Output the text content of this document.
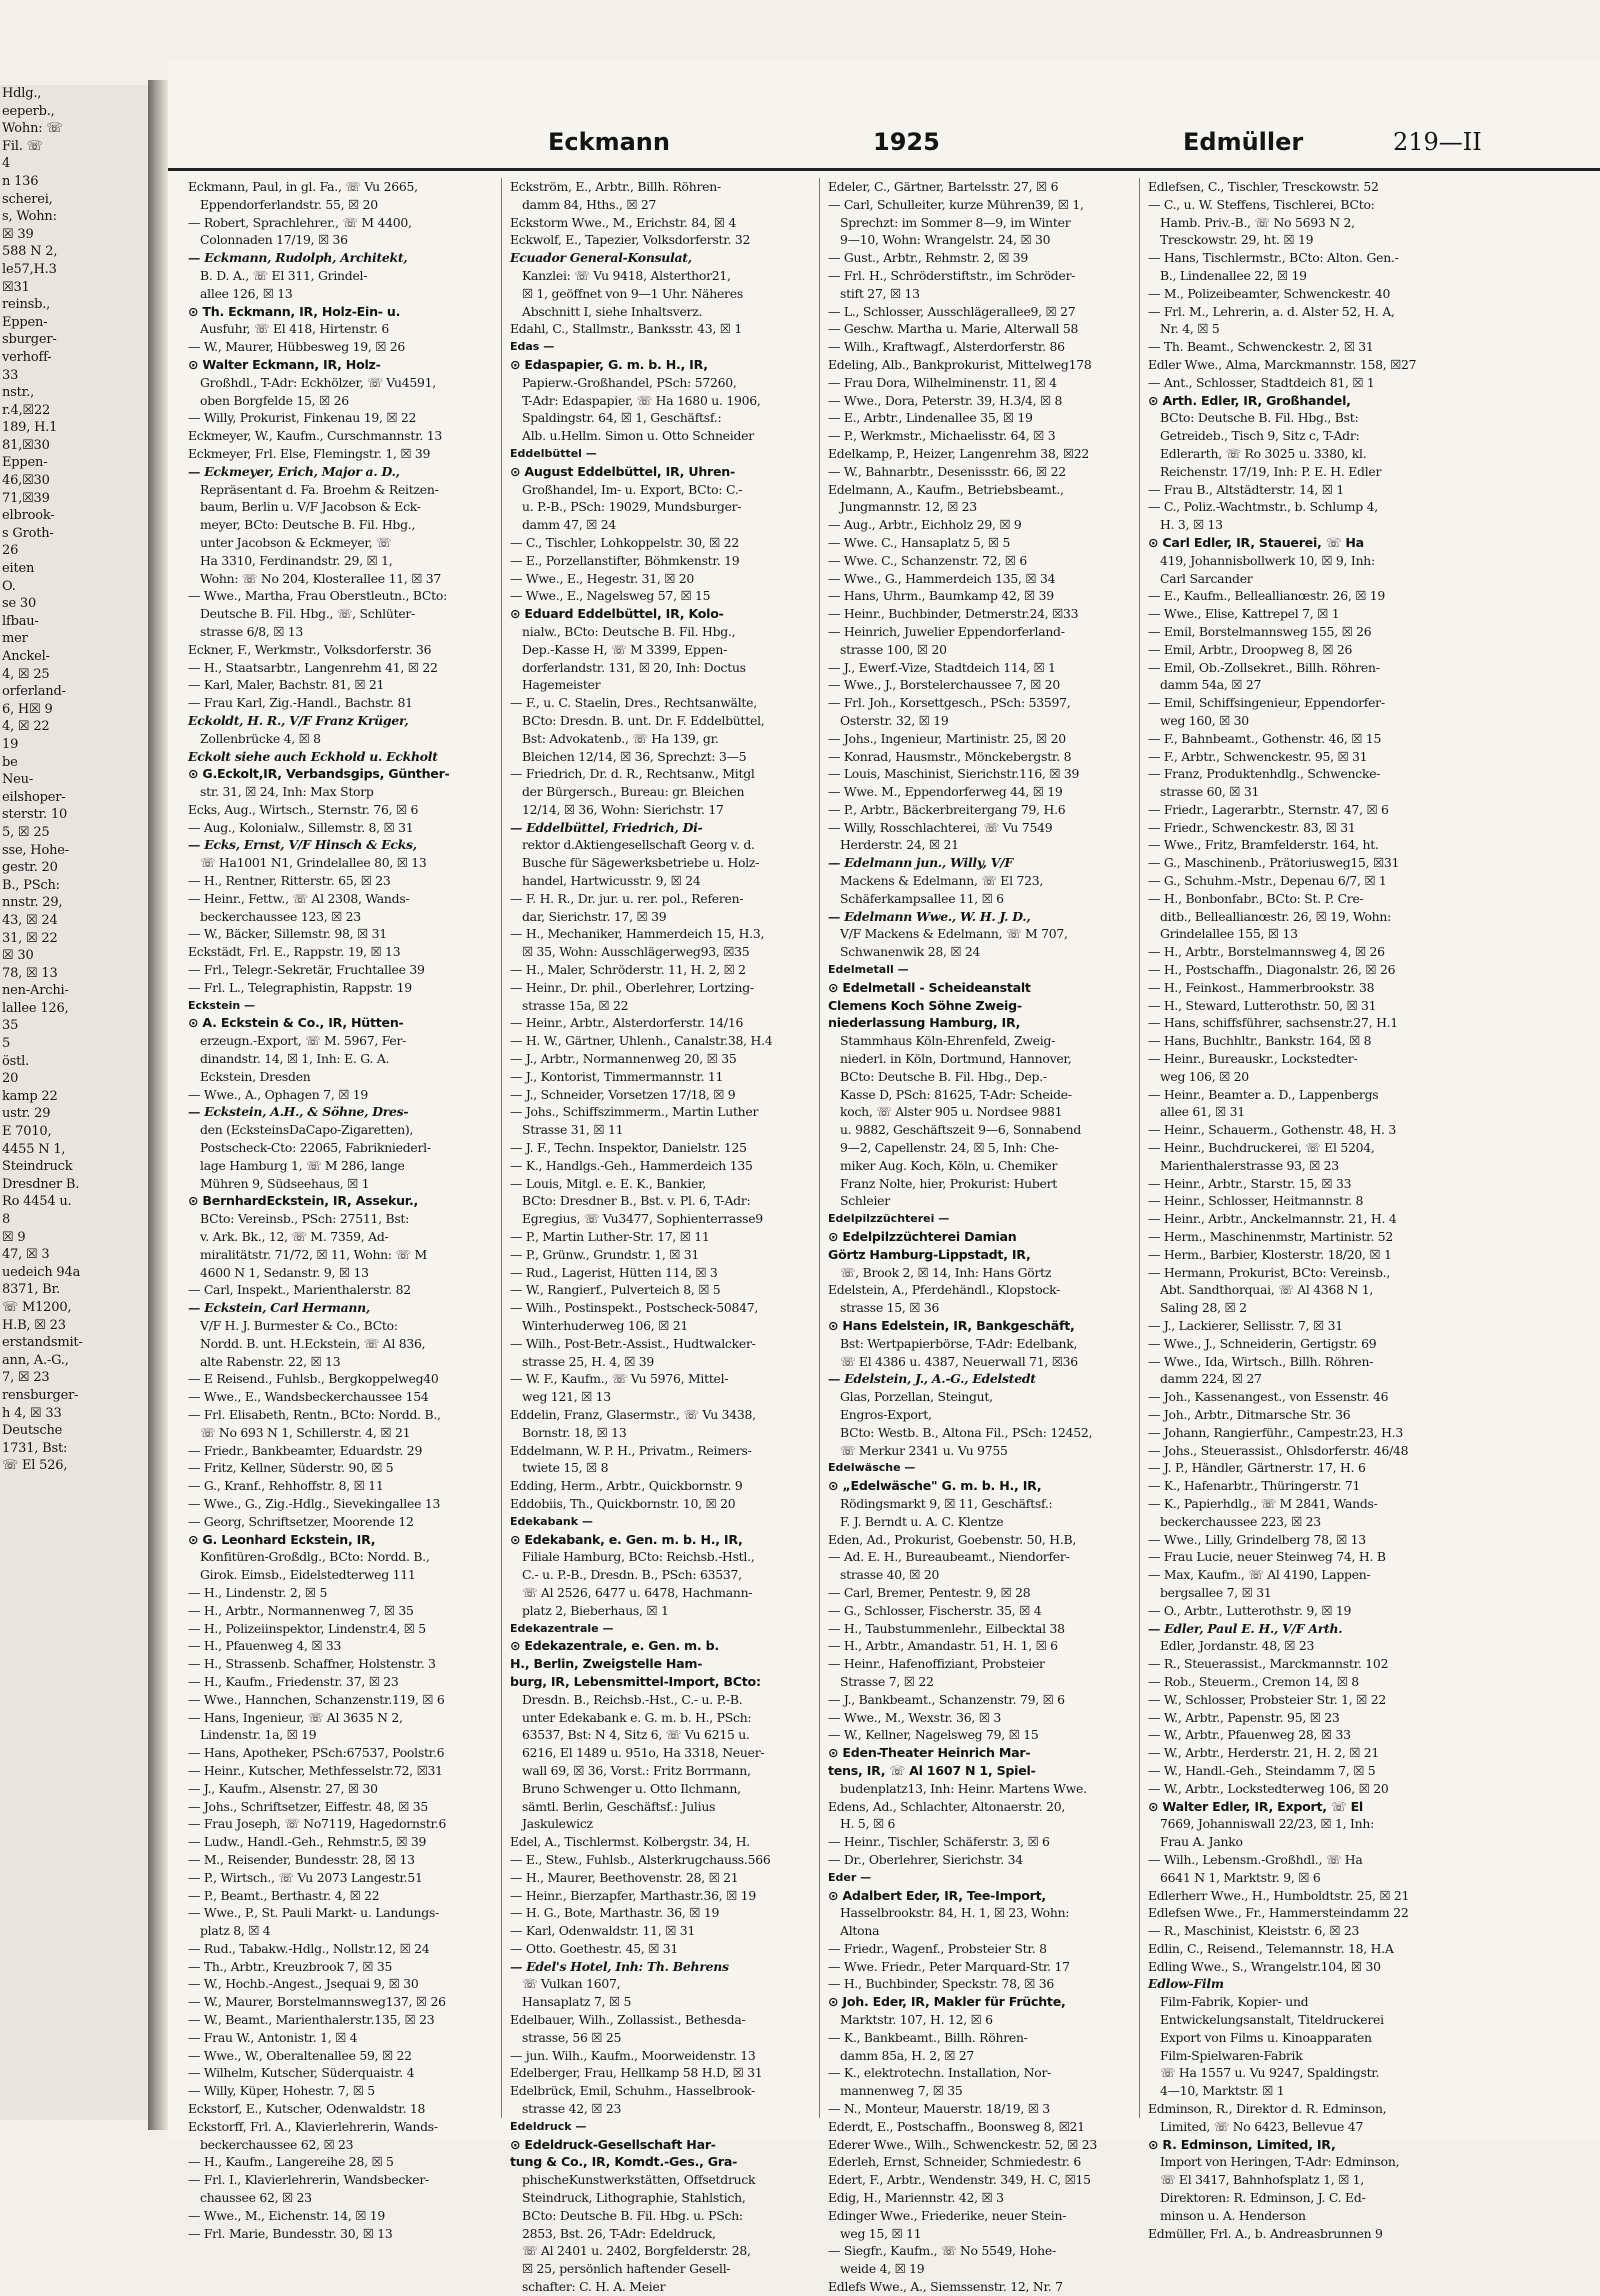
Hdlg.,
eeperb.,
Wohn: ☏
Fil. ☏
4
n 136
scherei,
s, Wohn:
☒ 39
588 N 2,
le57,H.3
☒31
reinsb.,
Eppen-
sburger-
verhoff-
33
nstr.,
r.4,☒22
189, H.1
81,☒30
Eppen-
46,☒30
71,☒39
elbrook-
s Groth-
26
eiten
O.
se 30
lfbau-
mer
Anckel-
4, ☒ 25
orferland-
6, H☒ 9
4, ☒ 22
19
be
Neu-
eilshoper-
sterstr. 10
5, ☒ 25
sse, Hohe-
gestr. 20
B., PSch:
nnstr. 29,
43, ☒ 24
31, ☒ 22
☒ 30
78, ☒ 13
nen-Archi-
lallee 126,
35
5
östl.
20
kamp 22
ustr. 29
E 7010,
4455 N 1,
Steindruck
Dresdner B.
Ro 4454 u.
8
☒ 9
47, ☒ 3
uedeich 94a
8371, Br.
☏ M1200,
H.B, ☒ 23
erstandsmit-
ann, A.-G.,
7, ☒ 23
rensburger-
h 4, ☒ 33
Deutsche
1731, Bst:
☏ El 526,
Eckmann	1925	Edmüller	219—II
Eckmann, Paul, in gl. Fa., ☏ Vu 2665,
Eppendorferlandstr. 55, ☒ 20
— Robert, Sprachlehrer., ☏ M 4400,
Colonnaden 17/19, ☒ 36
— Eckmann, Rudolph, Architekt,
B. D. A., ☏ El 311, Grindel-
allee 126, ☒ 13
⊙ Th. Eckmann, IR, Holz-Ein- u.
Ausfuhr, ☏ El 418, Hirtenstr. 6
— W., Maurer, Hübbesweg 19, ☒ 26
⊙ Walter Eckmann, IR, Holz-
Großhdl., T-Adr: Eckhölzer, ☏ Vu4591,
oben Borgfelde 15, ☒ 26
— Willy, Prokurist, Finkenau 19, ☒ 22
Eckmeyer, W., Kaufm., Curschmannstr. 13
Eckmeyer, Frl. Else, Flemingstr. 1, ☒ 39
— Eckmeyer, Erich, Major a. D.,
Repräsentant d. Fa. Broehm & Reitzen-
baum, Berlin u. V/F Jacobson & Eck-
meyer, BCto: Deutsche B. Fil. Hbg.,
unter Jacobson & Eckmeyer, ☏
Ha 3310, Ferdinandstr. 29, ☒ 1,
Wohn: ☏ No 204, Klosterallee 11, ☒ 37
— Wwe., Martha, Frau Oberstleutn., BCto:
Deutsche B. Fil. Hbg., ☏, Schlüter-
strasse 6/8, ☒ 13
Eckner, F., Werkmstr., Volksdorferstr. 36
— H., Staatsarbtr., Langenrehm 41, ☒ 22
— Karl, Maler, Bachstr. 81, ☒ 21
— Frau Karl, Zig.-Handl., Bachstr. 81
Eckoldt, H. R., V/F Franz Krüger,
Zollenbrücke 4, ☒ 8
Eckolt siehe auch Eckhold u. Eckholt
⊙ G.Eckolt,IR, Verbandsgips, Günther-
str. 31, ☒ 24, Inh: Max Storp
Ecks, Aug., Wirtsch., Sternstr. 76, ☒ 6
— Aug., Kolonialw., Sillemstr. 8, ☒ 31
— Ecks, Ernst, V/F Hinsch & Ecks,
☏ Ha1001 N1, Grindelallee 80, ☒ 13
— H., Rentner, Ritterstr. 65, ☒ 23
— Heinr., Fettw., ☏ Al 2308, Wands-
beckerchaussee 123, ☒ 23
— W., Bäcker, Sillemstr. 98, ☒ 31
Eckstädt, Frl. E., Rappstr. 19, ☒ 13
— Frl., Telegr.-Sekretär, Fruchtallee 39
— Frl. L., Telegraphistin, Rappstr. 19
Eckstein —
⊙ A. Eckstein & Co., IR, Hütten-
erzeugn.-Export, ☏ M. 5967, Fer-
dinandstr. 14, ☒ 1, Inh: E. G. A.
Eckstein, Dresden
— Wwe., A., Ophagen 7, ☒ 19
— Eckstein, A.H., & Söhne, Dres-
den (EcksteinsDaCapo-Zigaretten),
Postscheck-Cto: 22065, Fabrikniederl-
lage Hamburg 1, ☏ M 286, lange
Mühren 9, Südseehaus, ☒ 1
⊙ BernhardEckstein, IR, Assekur.,
BCto: Vereinsb., PSch: 27511, Bst:
v. Ark. Bk., 12, ☏ M. 7359, Ad-
miralitätstr. 71/72, ☒ 11, Wohn: ☏ M
4600 N 1, Sedanstr. 9, ☒ 13
— Carl, Inspekt., Marienthalerstr. 82
— Eckstein, Carl Hermann,
V/F H. J. Burmester & Co., BCto:
Nordd. B. unt. H.Eckstein, ☏ Al 836,
alte Rabenstr. 22, ☒ 13
— E Reisend., Fuhlsb., Bergkoppelweg40
— Wwe., E., Wandsbeckerchaussee 154
— Frl. Elisabeth, Rentn., BCto: Nordd. B.,
☏ No 693 N 1, Schillerstr. 4, ☒ 21
— Friedr., Bankbeamter, Eduardstr. 29
— Fritz, Kellner, Süderstr. 90, ☒ 5
— G., Kranf., Rehhoffstr. 8, ☒ 11
— Wwe., G., Zig.-Hdlg., Sievekingallee 13
— Georg, Schriftsetzer, Moorende 12
⊙ G. Leonhard Eckstein, IR,
Konfitüren-Großdlg., BCto: Nordd. B.,
Girok. Eimsb., Eidelstedterweg 111
— H., Lindenstr. 2, ☒ 5
— H., Arbtr., Normannenweg 7, ☒ 35
— H., Polizeiinspektor, Lindenstr.4, ☒ 5
— H., Pfauenweg 4, ☒ 33
— H., Strassenb. Schaffner, Holstenstr. 3
— H., Kaufm., Friedenstr. 37, ☒ 23
— Wwe., Hannchen, Schanzenstr.119, ☒ 6
— Hans, Ingenieur, ☏ Al 3635 N 2,
Lindenstr. 1a, ☒ 19
— Hans, Apotheker, PSch:67537, Poolstr.6
— Heinr., Kutscher, Methfesselstr.72, ☒31
— J., Kaufm., Alsenstr. 27, ☒ 30
— Johs., Schriftsetzer, Eiffestr. 48, ☒ 35
— Frau Joseph, ☏ No7119, Hagedornstr.6
— Ludw., Handl.-Geh., Rehmstr.5, ☒ 39
— M., Reisender, Bundesstr. 28, ☒ 13
— P., Wirtsch., ☏ Vu 2073 Langestr.51
— P., Beamt., Berthastr. 4, ☒ 22
— Wwe., P., St. Pauli Markt- u. Landungs-
platz 8, ☒ 4
— Rud., Tabakw.-Hdlg., Nollstr.12, ☒ 24
— Th., Arbtr., Kreuzbrook 7, ☒ 35
— W., Hochb.-Angest., Jsequai 9, ☒ 30
— W., Maurer, Borstelmannsweg137, ☒ 26
— W., Beamt., Marienthalerstr.135, ☒ 23
— Frau W., Antonistr. 1, ☒ 4
— Wwe., W., Oberaltenallee 59, ☒ 22
— Wilhelm, Kutscher, Süderquaistr. 4
— Willy, Küper, Hohestr. 7, ☒ 5
Eckstorf, E., Kutscher, Odenwaldstr. 18
Eckstorff, Frl. A., Klavierlehrerin, Wands-
beckerchaussee 62, ☒ 23
— H., Kaufm., Langereihe 28, ☒ 5
— Frl. I., Klavierlehrerin, Wandsbecker-
chaussee 62, ☒ 23
— Wwe., M., Eichenstr. 14, ☒ 19
— Frl. Marie, Bundesstr. 30, ☒ 13
Eckström, E., Arbtr., Billh. Röhren-
damm 84, Hths., ☒ 27
Eckstorm Wwe., M., Erichstr. 84, ☒ 4
Eckwolf, E., Tapezier, Volksdorferstr. 32
Ecuador General-Konsulat,
Kanzlei: ☏ Vu 9418, Alsterthor21,
☒ 1, geöffnet von 9—1 Uhr. Näheres
Abschnitt I, siehe Inhaltsverz.
Edahl, C., Stallmstr., Banksstr. 43, ☒ 1
Edas —
⊙ Edaspapier, G. m. b. H., IR,
Papierw.-Großhandel, PSch: 57260,
T-Adr: Edaspapier, ☏ Ha 1680 u. 1906,
Spaldingstr. 64, ☒ 1, Geschäftsf.:
Alb. u.Hellm. Simon u. Otto Schneider
Eddelbüttel —
⊙ August Eddelbüttel, IR, Uhren-
Großhandel, Im- u. Export, BCto: C.-
u. P.-B., PSch: 19029, Mundsburger-
damm 47, ☒ 24
— C., Tischler, Lohkoppelstr. 30, ☒ 22
— E., Porzellanstifter, Böhmkenstr. 19
— Wwe., E., Hegestr. 31, ☒ 20
— Wwe., E., Nagelsweg 57, ☒ 15
⊙ Eduard Eddelbüttel, IR, Kolo-
nialw., BCto: Deutsche B. Fil. Hbg.,
Dep.-Kasse H, ☏ M 3399, Eppen-
dorferlandstr. 131, ☒ 20, Inh: Doctus
Hagemeister
— F., u. C. Staelin, Dres., Rechtsanwälte,
BCto: Dresdn. B. unt. Dr. F. Eddelbüttel,
Bst: Advokatenb., ☏ Ha 139, gr.
Bleichen 12/14, ☒ 36, Sprechzt: 3—5
— Friedrich, Dr. d. R., Rechtsanw., Mitgl
der Bürgersch., Bureau: gr. Bleichen
12/14, ☒ 36, Wohn: Sierichstr. 17
— Eddelbüttel, Friedrich, Di-
rektor d.Aktiengesellschaft Georg v. d.
Busche für Sägewerksbetriebe u. Holz-
handel, Hartwicusstr. 9, ☒ 24
— F. H. R., Dr. jur. u. rer. pol., Referen-
dar, Sierichstr. 17, ☒ 39
— H., Mechaniker, Hammerdeich 15, H.3,
☒ 35, Wohn: Ausschlägerweg93, ☒35
— H., Maler, Schröderstr. 11, H. 2, ☒ 2
— Heinr., Dr. phil., Oberlehrer, Lortzing-
strasse 15a, ☒ 22
— Heinr., Arbtr., Alsterdorferstr. 14/16
— H. W., Gärtner, Uhlenh., Canalstr.38, H.4
— J., Arbtr., Normannenweg 20, ☒ 35
— J., Kontorist, Timmermannstr. 11
— J., Schneider, Vorsetzen 17/18, ☒ 9
— Johs., Schiffszimmerm., Martin Luther
Strasse 31, ☒ 11
— J. F., Techn. Inspektor, Danielstr. 125
— K., Handlgs.-Geh., Hammerdeich 135
— Louis, Mitgl. e. E. K., Bankier,
BCto: Dresdner B., Bst. v. Pl. 6, T-Adr:
Egregius, ☏ Vu3477, Sophienterrasse9
— P., Martin Luther-Str. 17, ☒ 11
— P., Grünw., Grundstr. 1, ☒ 31
— Rud., Lagerist, Hütten 114, ☒ 3
— W., Rangierf., Pulverteich 8, ☒ 5
— Wilh., Postinspekt., Postscheck-50847,
Winterhuderweg 106, ☒ 21
— Wilh., Post-Betr.-Assist., Hudtwalcker-
strasse 25, H. 4, ☒ 39
— W. F., Kaufm., ☏ Vu 5976, Mittel-
weg 121, ☒ 13
Eddelin, Franz, Glasermstr., ☏ Vu 3438,
Bornstr. 18, ☒ 13
Eddelmann, W. P. H., Privatm., Reimers-
twiete 15, ☒ 8
Edding, Herm., Arbtr., Quickbornstr. 9
Eddobiis, Th., Quickbornstr. 10, ☒ 20
Edekabank —
⊙ Edekabank, e. Gen. m. b. H., IR,
Filiale Hamburg, BCto: Reichsb.-Hstl.,
C.- u. P.-B., Dresdn. B., PSch: 63537,
☏ Al 2526, 6477 u. 6478, Hachmann-
platz 2, Bieberhaus, ☒ 1
Edekazentrale —
⊙ Edekazentrale, e. Gen. m. b.
H., Berlin, Zweigstelle Ham-
burg, IR, Lebensmittel-Import, BCto:
Dresdn. B., Reichsb.-Hst., C.- u. P.-B.
unter Edekabank e. G. m. b. H., PSch:
63537, Bst: N 4, Sitz 6, ☏ Vu 6215 u.
6216, El 1489 u. 951o, Ha 3318, Neuer-
wall 69, ☒ 36, Vorst.: Fritz Borrmann,
Bruno Schwenger u. Otto Ilchmann,
sämtl. Berlin, Geschäftsf.: Julius
Jaskulewicz
Edel, A., Tischlermst. Kolbergstr. 34, H.
— E., Stew., Fuhlsb., Alsterkrugchauss.566
— H., Maurer, Beethovenstr. 28, ☒ 21
— Heinr., Bierzapfer, Marthastr.36, ☒ 19
— H. G., Bote, Marthastr. 36, ☒ 19
— Karl, Odenwaldstr. 11, ☒ 31
— Otto. Goethestr. 45, ☒ 31
— Edel's Hotel, Inh: Th. Behrens
☏ Vulkan 1607,
Hansaplatz 7, ☒ 5
Edelbauer, Wilh., Zollassist., Bethesda-
strasse, 56 ☒ 25
— jun. Wilh., Kaufm., Moorweidenstr. 13
Edelberger, Frau, Hellkamp 58 H.D, ☒ 31
Edelbrück, Emil, Schuhm., Hasselbrook-
strasse 42, ☒ 23
Edeldruck —
⊙ Edeldruck-Gesellschaft Har-
tung & Co., IR, Komdt.-Ges., Gra-
phischeKunstwerkstätten, Offsetdruck
Steindruck, Lithographie, Stahlstich,
BCto: Deutsche B. Fil. Hbg. u. PSch:
2853, Bst. 26, T-Adr: Edeldruck,
☏ Al 2401 u. 2402, Borgfelderstr. 28,
☒ 25, persönlich haftender Gesell-
schafter: C. H. A. Meier
Edeler, C., Gärtner, Bartelsstr. 27, ☒ 6
— Carl, Schulleiter, kurze Mühren39, ☒ 1,
Sprechzt: im Sommer 8—9, im Winter
9—10, Wohn: Wrangelstr. 24, ☒ 30
— Gust., Arbtr., Rehmstr. 2, ☒ 39
— Frl. H., Schröderstiftstr., im Schröder-
stift 27, ☒ 13
— L., Schlosser, Ausschlägerallee9, ☒ 27
— Geschw. Martha u. Marie, Alterwall 58
— Wilh., Kraftwagf., Alsterdorferstr. 86
Edeling, Alb., Bankprokurist, Mittelweg178
— Frau Dora, Wilhelminenstr. 11, ☒ 4
— Wwe., Dora, Peterstr. 39, H.3/4, ☒ 8
— E., Arbtr., Lindenallee 35, ☒ 19
— P., Werkmstr., Michaelisstr. 64, ☒ 3
Edelkamp, P., Heizer, Langenrehm 38, ☒22
— W., Bahnarbtr., Desenissstr. 66, ☒ 22
Edelmann, A., Kaufm., Betriebsbeamt.,
Jungmannstr. 12, ☒ 23
— Aug., Arbtr., Eichholz 29, ☒ 9
— Wwe. C., Hansaplatz 5, ☒ 5
— Wwe. C., Schanzenstr. 72, ☒ 6
— Wwe., G., Hammerdeich 135, ☒ 34
— Hans, Uhrm., Baumkamp 42, ☒ 39
— Heinr., Buchbinder, Detmerstr.24, ☒33
— Heinrich, Juwelier Eppendorferland-
strasse 100, ☒ 20
— J., Ewerf.-Vize, Stadtdeich 114, ☒ 1
— Wwe., J., Borstelerchaussee 7, ☒ 20
— Frl. Joh., Korsettgesch., PSch: 53597,
Osterstr. 32, ☒ 19
— Johs., Ingenieur, Martinistr. 25, ☒ 20
— Konrad, Hausmstr., Mönckebergstr. 8
— Louis, Maschinist, Sierichstr.116, ☒ 39
— Wwe. M., Eppendorferweg 44, ☒ 19
— P., Arbtr., Bäckerbreitergang 79, H.6
— Willy, Rosschlachterei, ☏ Vu 7549
Herderstr. 24, ☒ 21
— Edelmann jun., Willy, V/F
Mackens & Edelmann, ☏ El 723,
Schäferkampsallee 11, ☒ 6
— Edelmann Wwe., W. H. J. D.,
V/F Mackens & Edelmann, ☏ M 707,
Schwanenwik 28, ☒ 24
Edelmetall —
⊙ Edelmetall - Scheideanstalt
Clemens Koch Söhne Zweig-
niederlassung Hamburg, IR,
Stammhaus Köln-Ehrenfeld, Zweig-
niederl. in Köln, Dortmund, Hannover,
BCto: Deutsche B. Fil. Hbg., Dep.-
Kasse D, PSch: 81625, T-Adr: Scheide-
koch, ☏ Alster 905 u. Nordsee 9881
u. 9882, Geschäftszeit 9—6, Sonnabend
9—2, Capellenstr. 24, ☒ 5, Inh: Che-
miker Aug. Koch, Köln, u. Chemiker
Franz Nolte, hier, Prokurist: Hubert
Schleier
Edelpilzzüchterei —
⊙ Edelpilzzüchterei Damian
Görtz Hamburg-Lippstadt, IR,
☏, Brook 2, ☒ 14, Inh: Hans Görtz
Edelstein, A., Pferdehändl., Klopstock-
strasse 15, ☒ 36
⊙ Hans Edelstein, IR, Bankgeschäft,
Bst: Wertpapierbörse, T-Adr: Edelbank,
☏ El 4386 u. 4387, Neuerwall 71, ☒36
— Edelstein, J., A.-G., Edelstedt
Glas, Porzellan, Steingut,
Engros-Export,
BCto: Westb. B., Altona Fil., PSch: 12452,
☏ Merkur 2341 u. Vu 9755
Edelwäsche —
⊙ „Edelwäsche" G. m. b. H., IR,
Rödingsmarkt 9, ☒ 11, Geschäftsf.:
F. J. Berndt u. A. C. Klentze
Eden, Ad., Prokurist, Goebenstr. 50, H.B,
— Ad. E. H., Bureaubeamt., Niendorfer-
strasse 40, ☒ 20
— Carl, Bremer, Pentestr. 9, ☒ 28
— G., Schlosser, Fischerstr. 35, ☒ 4
— H., Taubstummenlehr., Eilbecktal 38
— H., Arbtr., Amandastr. 51, H. 1, ☒ 6
— Heinr., Hafenoffiziant, Probsteier
Strasse 7, ☒ 22
— J., Bankbeamt., Schanzenstr. 79, ☒ 6
— Wwe., M., Wexstr. 36, ☒ 3
— W., Kellner, Nagelsweg 79, ☒ 15
⊙ Eden-Theater Heinrich Mar-
tens, IR, ☏ Al 1607 N 1, Spiel-
budenplatz13, Inh: Heinr. Martens Wwe.
Edens, Ad., Schlachter, Altonaerstr. 20,
H. 5, ☒ 6
— Heinr., Tischler, Schäferstr. 3, ☒ 6
— Dr., Oberlehrer, Sierichstr. 34
Eder —
⊙ Adalbert Eder, IR, Tee-Import,
Hasselbrookstr. 84, H. 1, ☒ 23, Wohn:
Altona
— Friedr., Wagenf., Probsteier Str. 8
— Wwe. Friedr., Peter Marquard-Str. 17
— H., Buchbinder, Speckstr. 78, ☒ 36
⊙ Joh. Eder, IR, Makler für Früchte,
Marktstr. 107, H. 12, ☒ 6
— K., Bankbeamt., Billh. Röhren-
damm 85a, H. 2, ☒ 27
— K., elektrotechn. Installation, Nor-
mannenweg 7, ☒ 35
— N., Monteur, Mauerstr. 18/19, ☒ 3
Ederdt, E., Postschaffn., Boonsweg 8, ☒21
Ederer Wwe., Wilh., Schwenckestr. 52, ☒ 23
Ederleh, Ernst, Schneider, Schmiedestr. 6
Edert, F., Arbtr., Wendenstr. 349, H. C, ☒15
Edig, H., Mariennstr. 42, ☒ 3
Edinger Wwe., Friederike, neuer Stein-
weg 15, ☒ 11
— Siegfr., Kaufm., ☏ No 5549, Hohe-
weide 4, ☒ 19
Edlefs Wwe., A., Siemssenstr. 12, Nr. 7
Edlefsen, C., Tischler, Tresckowstr. 52
— C., u. W. Steffens, Tischlerei, BCto:
Hamb. Priv.-B., ☏ No 5693 N 2,
Tresckowstr. 29, ht. ☒ 19
— Hans, Tischlermstr., BCto: Alton. Gen.-
B., Lindenallee 22, ☒ 19
— M., Polizeibeamter, Schwenckestr. 40
— Frl. M., Lehrerin, a. d. Alster 52, H. A,
Nr. 4, ☒ 5
— Th. Beamt., Schwenckestr. 2, ☒ 31
Edler Wwe., Alma, Marckmannstr. 158, ☒27
— Ant., Schlosser, Stadtdeich 81, ☒ 1
⊙ Arth. Edler, IR, Großhandel,
BCto: Deutsche B. Fil. Hbg., Bst:
Getreideb., Tisch 9, Sitz c, T-Adr:
Edlerarth, ☏ Ro 3025 u. 3380, kl.
Reichenstr. 17/19, Inh: P. E. H. Edler
— Frau B., Altstädterstr. 14, ☒ 1
— C., Poliz.-Wachtmstr., b. Schlump 4,
H. 3, ☒ 13
⊙ Carl Edler, IR, Stauerei, ☏ Ha
419, Johannisbollwerk 10, ☒ 9, Inh:
Carl Sarcander
— E., Kaufm., Belleallianœstr. 26, ☒ 19
— Wwe., Elise, Kattrepel 7, ☒ 1
— Emil, Borstelmannsweg 155, ☒ 26
— Emil, Arbtr., Droopweg 8, ☒ 26
— Emil, Ob.-Zollsekret., Billh. Röhren-
damm 54a, ☒ 27
— Emil, Schiffsingenieur, Eppendorfer-
weg 160, ☒ 30
— F., Bahnbeamt., Gothenstr. 46, ☒ 15
— F., Arbtr., Schwenckestr. 95, ☒ 31
— Franz, Produktenhdlg., Schwencke-
strasse 60, ☒ 31
— Friedr., Lagerarbtr., Sternstr. 47, ☒ 6
— Friedr., Schwenckestr. 83, ☒ 31
— Wwe., Fritz, Bramfelderstr. 164, ht.
— G., Maschinenb., Prätoriusweg15, ☒31
— G., Schuhm.-Mstr., Depenau 6/7, ☒ 1
— H., Bonbonfabr., BCto: St. P. Cre-
ditb., Belleallianœstr. 26, ☒ 19, Wohn:
Grindelallee 155, ☒ 13
— H., Arbtr., Borstelmannsweg 4, ☒ 26
— H., Postschaffn., Diagonalstr. 26, ☒ 26
— H., Feinkost., Hammerbrookstr. 38
— H., Steward, Lutterothstr. 50, ☒ 31
— Hans, schiffsführer, sachsenstr.27, H.1
— Hans, Buchhltr., Bankstr. 164, ☒ 8
— Heinr., Bureauskr., Lockstedter-
weg 106, ☒ 20
— Heinr., Beamter a. D., Lappenbergs
allee 61, ☒ 31
— Heinr., Schauerm., Gothenstr. 48, H. 3
— Heinr., Buchdruckerei, ☏ El 5204,
Marienthalerstrasse 93, ☒ 23
— Heinr., Arbtr., Starstr. 15, ☒ 33
— Heinr., Schlosser, Heitmannstr. 8
— Heinr., Arbtr., Anckelmannstr. 21, H. 4
— Herm., Maschinenmstr, Martinistr. 52
— Herm., Barbier, Klosterstr. 18/20, ☒ 1
— Hermann, Prokurist, BCto: Vereinsb.,
Abt. Sandthorquai, ☏ Al 4368 N 1,
Saling 28, ☒ 2
— J., Lackierer, Sellisstr. 7, ☒ 31
— Wwe., J., Schneiderin, Gertigstr. 69
— Wwe., Ida, Wirtsch., Billh. Röhren-
damm 224, ☒ 27
— Joh., Kassenangest., von Essenstr. 46
— Joh., Arbtr., Ditmarsche Str. 36
— Johann, Rangierführ., Campestr.23, H.3
— Johs., Steuerassist., Ohlsdorferstr. 46/48
— J. P., Händler, Gärtnerstr. 17, H. 6
— K., Hafenarbtr., Thüringerstr. 71
— K., Papierhdlg., ☏ M 2841, Wands-
beckerchaussee 223, ☒ 23
— Wwe., Lilly, Grindelberg 78, ☒ 13
— Frau Lucie, neuer Steinweg 74, H. B
— Max, Kaufm., ☏ Al 4190, Lappen-
bergsallee 7, ☒ 31
— O., Arbtr., Lutterothstr. 9, ☒ 19
— Edler, Paul E. H., V/F Arth.
Edler, Jordanstr. 48, ☒ 23
— R., Steuerassist., Marckmannstr. 102
— Rob., Steuerm., Cremon 14, ☒ 8
— W., Schlosser, Probsteier Str. 1, ☒ 22
— W., Arbtr., Papenstr. 95, ☒ 23
— W., Arbtr., Pfauenweg 28, ☒ 33
— W., Arbtr., Herderstr. 21, H. 2, ☒ 21
— W., Handl.-Geh., Steindamm 7, ☒ 5
— W., Arbtr., Lockstedterweg 106, ☒ 20
⊙ Walter Edler, IR, Export, ☏ El
7669, Johanniswall 22/23, ☒ 1, Inh:
Frau A. Janko
— Wilh., Lebensm.-Großhdl., ☏ Ha
6641 N 1, Marktstr. 9, ☒ 6
Edlerherr Wwe., H., Humboldtstr. 25, ☒ 21
Edlefsen Wwe., Fr., Hammersteindamm 22
— R., Maschinist, Kleiststr. 6, ☒ 23
Edlin, C., Reisend., Telemannstr. 18, H.A
Edling Wwe., S., Wrangelstr.104, ☒ 30
Edlow-Film
Film-Fabrik, Kopier- und
Entwickelungsanstalt, Titeldruckerei
Export von Films u. Kinoapparaten
Film-Spielwaren-Fabrik
☏ Ha 1557 u. Vu 9247, Spaldingstr.
4—10, Marktstr. ☒ 1
Edminson, R., Direktor d. R. Edminson,
Limited, ☏ No 6423, Bellevue 47
⊙ R. Edminson, Limited, IR,
Import von Heringen, T-Adr: Edminson,
☏ El 3417, Bahnhofsplatz 1, ☒ 1,
Direktoren: R. Edminson, J. C. Ed-
minson u. A. Henderson
Edmüller, Frl. A., b. Andreasbrunnen 9
